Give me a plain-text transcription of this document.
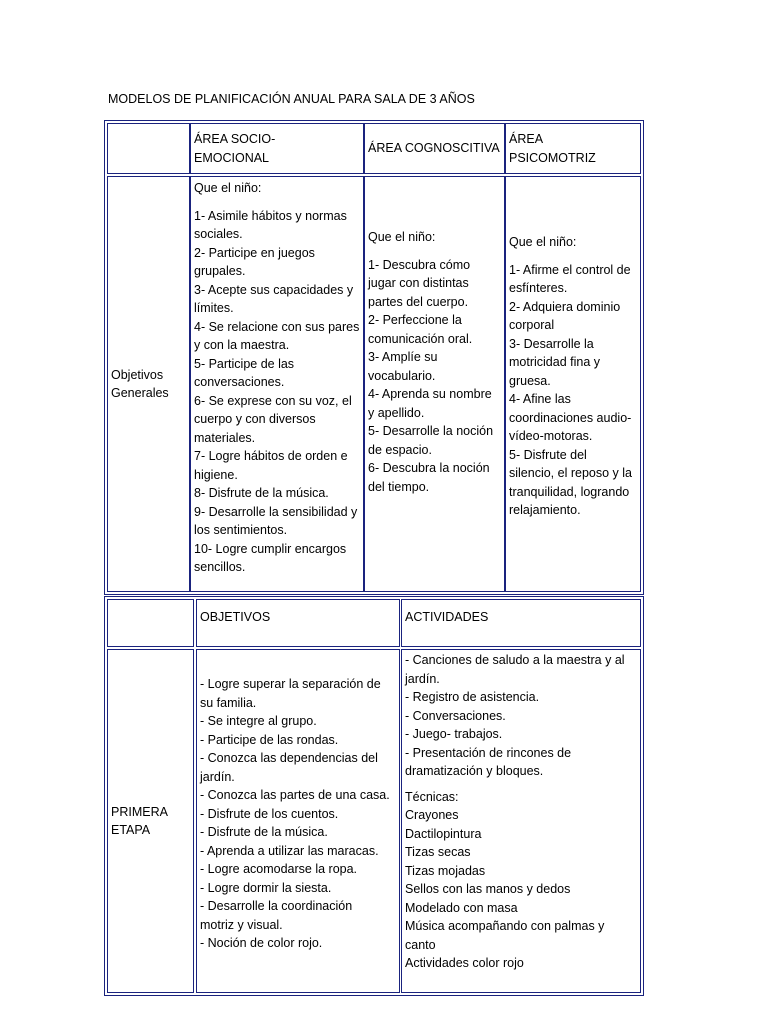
MODELOS DE PLANIFICACIÓN ANUAL PARA SALA DE 3 AÑOS
ÁREA SOCIO-
EMOCIONAL
ÁREA COGNOSCITIVA
ÁREA
PSICOMOTRIZ
Objetivos
Generales
Que el niño:
1- Asimile hábitos y normas
sociales.
2- Participe en juegos
grupales.
3- Acepte sus capacidades y
límites.
4- Se relacione con sus pares
y con la maestra.
5- Participe de las
conversaciones.
6- Se exprese con su voz, el
cuerpo y con diversos
materiales.
7- Logre hábitos de orden e
higiene.
8- Disfrute de la música.
9- Desarrolle la sensibilidad y
los sentimientos.
10- Logre cumplir encargos
sencillos.
Que el niño:
1- Descubra cómo
jugar con distintas
partes del cuerpo.
2- Perfeccione la
comunicación oral.
3- Amplíe su
vocabulario.
4- Aprenda su nombre
y apellido.
5- Desarrolle la noción
de espacio.
6- Descubra la noción
del tiempo.
Que el niño:
1- Afirme el control de
esfínteres.
2- Adquiera dominio
corporal
3- Desarrolle la
motricidad fina y
gruesa.
4- Afine las
coordinaciones audio-
vídeo-motoras.
5- Disfrute del
silencio, el reposo y la
tranquilidad, logrando
relajamiento.
OBJETIVOS	ACTIVIDADES
PRIMERA
ETAPA
- Logre superar la separación de
su familia.
- Se integre al grupo.
- Participe de las rondas.
- Conozca las dependencias del
jardín.
- Conozca las partes de una casa.
- Disfrute de los cuentos.
- Disfrute de la música.
- Aprenda a utilizar las maracas.
- Logre acomodarse la ropa.
- Logre dormir la siesta.
- Desarrolle la coordinación
motriz y visual.
- Noción de color rojo.
- Canciones de saludo a la maestra y al
jardín.
- Registro de asistencia.
- Conversaciones.
- Juego- trabajos.
- Presentación de rincones de
dramatización y bloques.
Técnicas:
Crayones
Dactilopintura
Tizas secas
Tizas mojadas
Sellos con las manos y dedos
Modelado con masa
Música acompañando con palmas y
canto
Actividades color rojo
